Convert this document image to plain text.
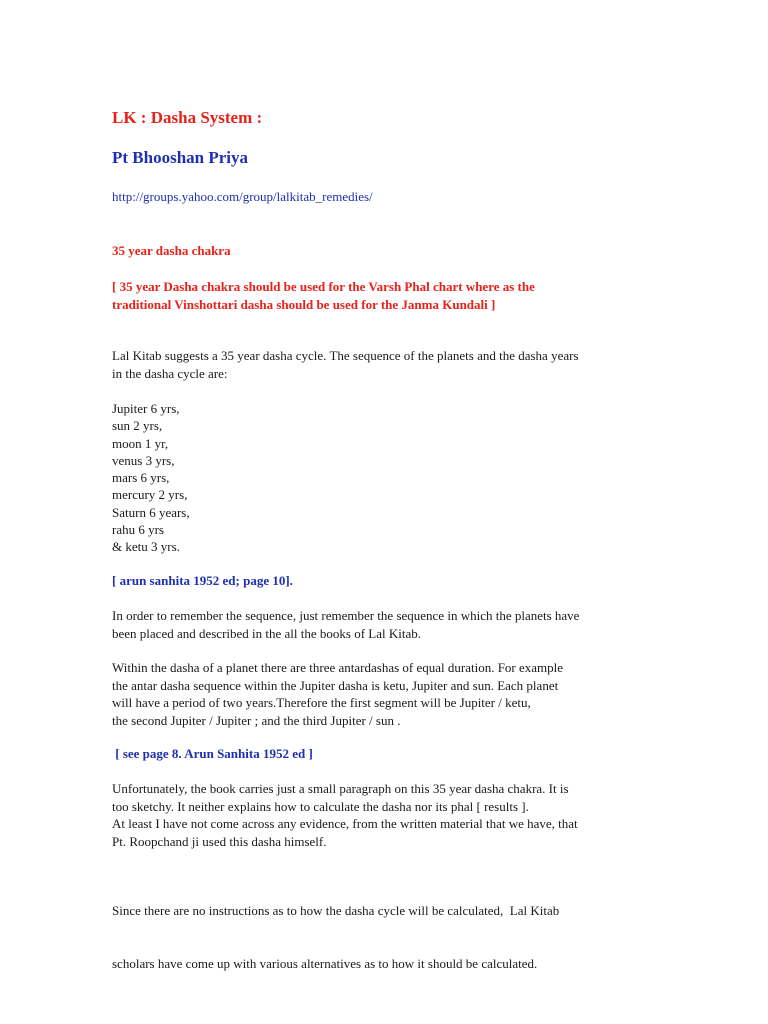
LK : Dasha System :
Pt Bhooshan Priya
http://groups.yahoo.com/group/lalkitab_remedies/
35 year dasha chakra
[ 35 year Dasha chakra should be used for the Varsh Phal chart where as the
traditional Vinshottari dasha should be used for the Janma Kundali ]
Lal Kitab suggests a 35 year dasha cycle. The sequence of the planets and the dasha years
in the dasha cycle are:
Jupiter 6 yrs,
sun 2 yrs,
moon 1 yr,
venus 3 yrs,
mars 6 yrs,
mercury 2 yrs,
Saturn 6 years,
rahu 6 yrs
& ketu 3 yrs.
[ arun sanhita 1952 ed; page 10].
In order to remember the sequence, just remember the sequence in which the planets have
been placed and described in the all the books of Lal Kitab.
Within the dasha of a planet there are three antardashas of equal duration. For example
the antar dasha sequence within the Jupiter dasha is ketu, Jupiter and sun. Each planet
will have a period of two years.Therefore the first segment will be Jupiter / ketu,
the second Jupiter / Jupiter ; and the third Jupiter / sun .
[ see page 8. Arun Sanhita 1952 ed ]
Unfortunately, the book carries just a small paragraph on this 35 year dasha chakra. It is
too sketchy. It neither explains how to calculate the dasha nor its phal [ results ].
At least I have not come across any evidence, from the written material that we have, that
Pt. Roopchand ji used this dasha himself.

Since there are no instructions as to how the dasha cycle will be calculated,  Lal Kitab

scholars have come up with various alternatives as to how it should be calculated.
